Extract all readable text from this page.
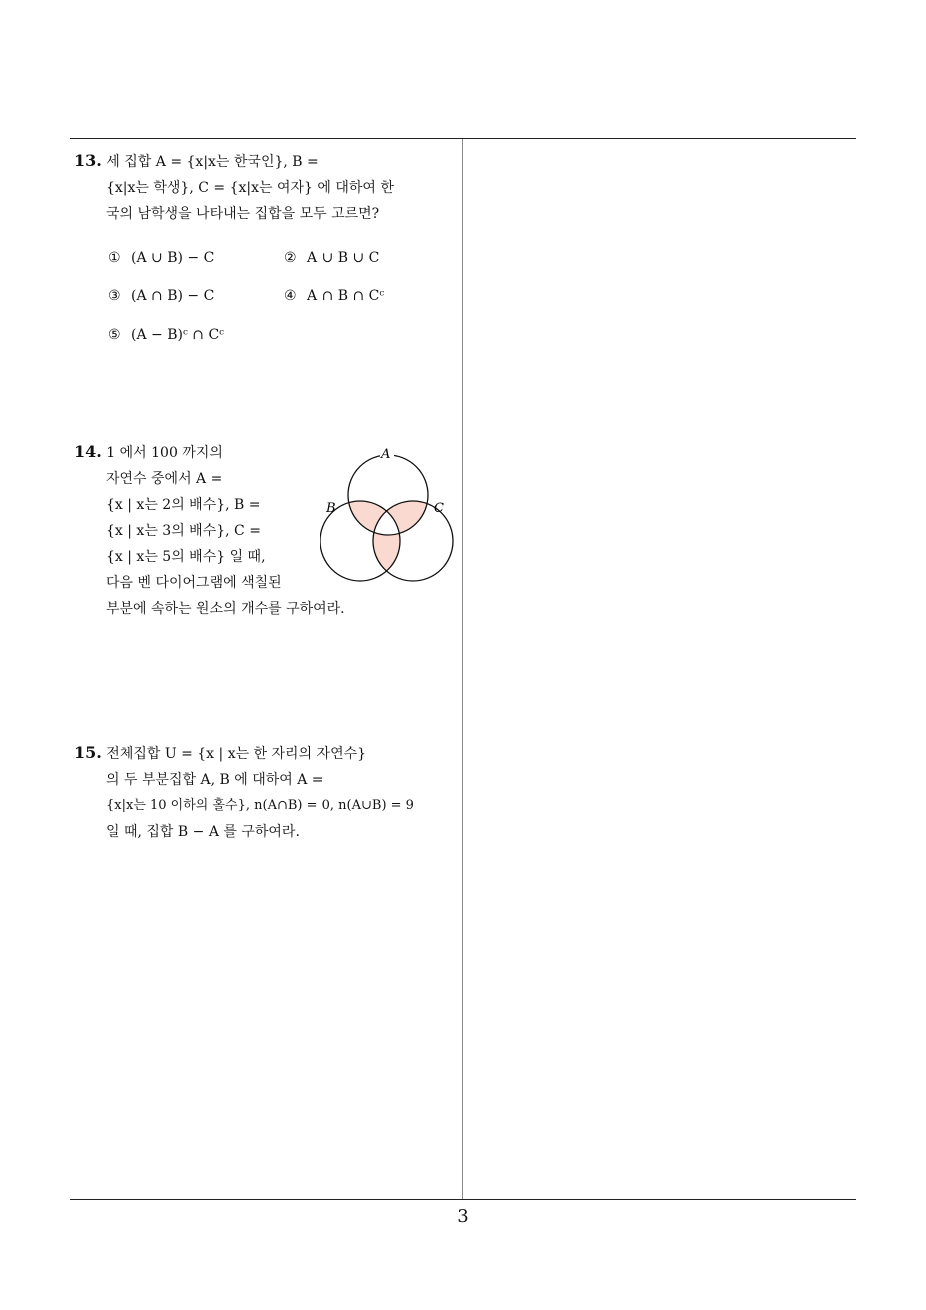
13. 세 집합 A = {x|x는 한국인}, B =
{x|x는 학생}, C = {x|x는 여자} 에 대하여 한
국의 남학생을 나타내는 집합을 모두 고르면?
① (A ∪ B) − C	② A ∪ B ∪ C
③ (A ∩ B) − C	④ A ∩ B ∩ Cᶜ
⑤ (A − B)ᶜ ∩ Cᶜ
14. 1 에서 100 까지의
자연수 중에서 A =
{x | x는 2의 배수}, B =
{x | x는 3의 배수}, C =
{x | x는 5의 배수} 일 때,
다음 벤 다이어그램에 색칠된
부분에 속하는 원소의 개수를 구하여라.
A
B	C
15. 전체집합 U = {x | x는 한 자리의 자연수}
의 두 부분집합 A, B 에 대하여 A =
{x|x는 10 이하의 홀수}, n(A∩B) = 0, n(A∪B) = 9
일 때, 집합 B − A 를 구하여라.
3
